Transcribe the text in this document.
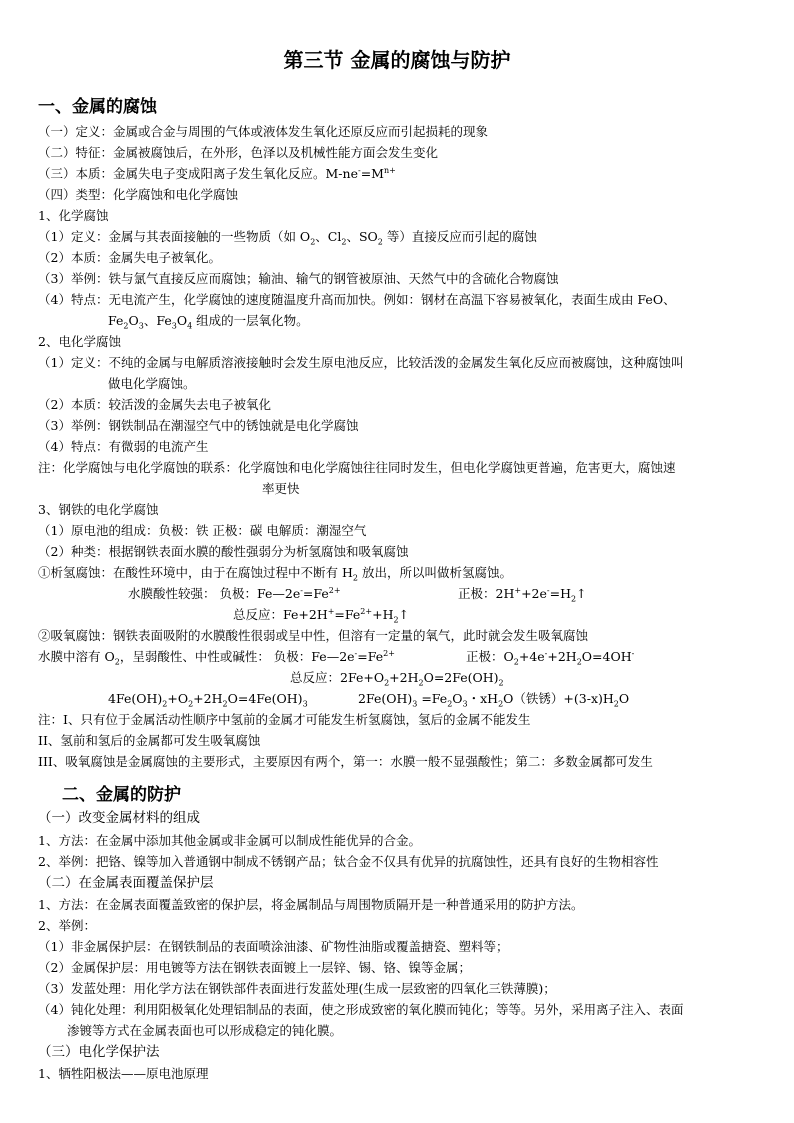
第三节 金属的腐蚀与防护
一、金属的腐蚀
（一）定义：金属或合金与周围的气体或液体发生氧化还原反应而引起损耗的现象
（二）特征：金属被腐蚀后，在外形，色泽以及机械性能方面会发生变化
（三）本质：金属失电子变成阳离子发生氧化反应。$M-ne^-=M^{n+}$
（四）类型：化学腐蚀和电化学腐蚀
1、化学腐蚀
（1）定义：金属与其表面接触的一些物质（如 $O_2$、$Cl_2$、$SO_2$ 等）直接反应而引起的腐蚀
（2）本质：金属失电子被氧化。
（3）举例：铁与氯气直接反应而腐蚀；输油、输气的钢管被原油、天然气中的含硫化合物腐蚀
（4）特点：无电流产生，化学腐蚀的速度随温度升高而加快。例如：钢材在高温下容易被氧化，表面生成由 FeO、
$Fe_2O_3$、$Fe_3O_4$ 组成的一层氧化物。
2、电化学腐蚀
（1）定义：不纯的金属与电解质溶液接触时会发生原电池反应，比较活泼的金属发生氧化反应而被腐蚀，这种腐蚀叫
做电化学腐蚀。
（2）本质：较活泼的金属失去电子被氧化
（3）举例：钢铁制品在潮湿空气中的锈蚀就是电化学腐蚀
（4）特点：有微弱的电流产生
注：化学腐蚀与电化学腐蚀的联系：化学腐蚀和电化学腐蚀往往同时发生，但电化学腐蚀更普遍，危害更大，腐蚀速
率更快
3、钢铁的电化学腐蚀
（1）原电池的组成：负极：铁 正极：碳 电解质：潮湿空气
（2）种类：根据钢铁表面水膜的酸性强弱分为析氢腐蚀和吸氧腐蚀
①析氢腐蚀：在酸性环境中，由于在腐蚀过程中不断有 $H_2$ 放出，所以叫做析氢腐蚀。
水膜酸性较强： 负极：$Fe—2e^-=Fe^{2+}$	正极：$2H^++2e^-=H_2↑$
总反应：$Fe+2H^+=Fe^{2+}+H_2↑$
②吸氧腐蚀：钢铁表面吸附的水膜酸性很弱或呈中性，但溶有一定量的氧气，此时就会发生吸氧腐蚀
水膜中溶有 $O_2$，呈弱酸性、中性或碱性： 负极：$Fe—2e^-=Fe^{2+}$	正极：$O_2+4e^-+2H_2O=4OH^-$
总反应：$2Fe+O_2+2H_2O=2Fe(OH)_2$
$4Fe(OH)_2+O_2+2H_2O=4Fe(OH)_3$	$2Fe(OH)_3 =Fe_2O_3$・$xH_2O$（铁锈）$+(3-x)H_2O$
注：I、只有位于金属活动性顺序中氢前的金属才可能发生析氢腐蚀，氢后的金属不能发生
II、氢前和氢后的金属都可发生吸氧腐蚀
III、吸氧腐蚀是金属腐蚀的主要形式，主要原因有两个，第一：水膜一般不显强酸性；第二：多数金属都可发生
二、金属的防护
（一）改变金属材料的组成
1、方法：在金属中添加其他金属或非金属可以制成性能优异的合金。
2、举例：把铬、镍等加入普通钢中制成不锈钢产品；钛合金不仅具有优异的抗腐蚀性，还具有良好的生物相容性
（二）在金属表面覆盖保护层
1、方法：在金属表面覆盖致密的保护层，将金属制品与周围物质隔开是一种普通采用的防护方法。
2、举例：
（1）非金属保护层：在钢铁制品的表面喷涂油漆、矿物性油脂或覆盖搪瓷、塑料等；
（2）金属保护层：用电镀等方法在钢铁表面镀上一层锌、锡、铬、镍等金属；
（3）发蓝处理：用化学方法在钢铁部件表面进行发蓝处理(生成一层致密的四氧化三铁薄膜)；
（4）钝化处理：利用阳极氧化处理铝制品的表面，使之形成致密的氧化膜而钝化；等等。另外，采用离子注入、表面
渗镀等方式在金属表面也可以形成稳定的钝化膜。
（三）电化学保护法
1、牺牲阳极法——原电池原理
